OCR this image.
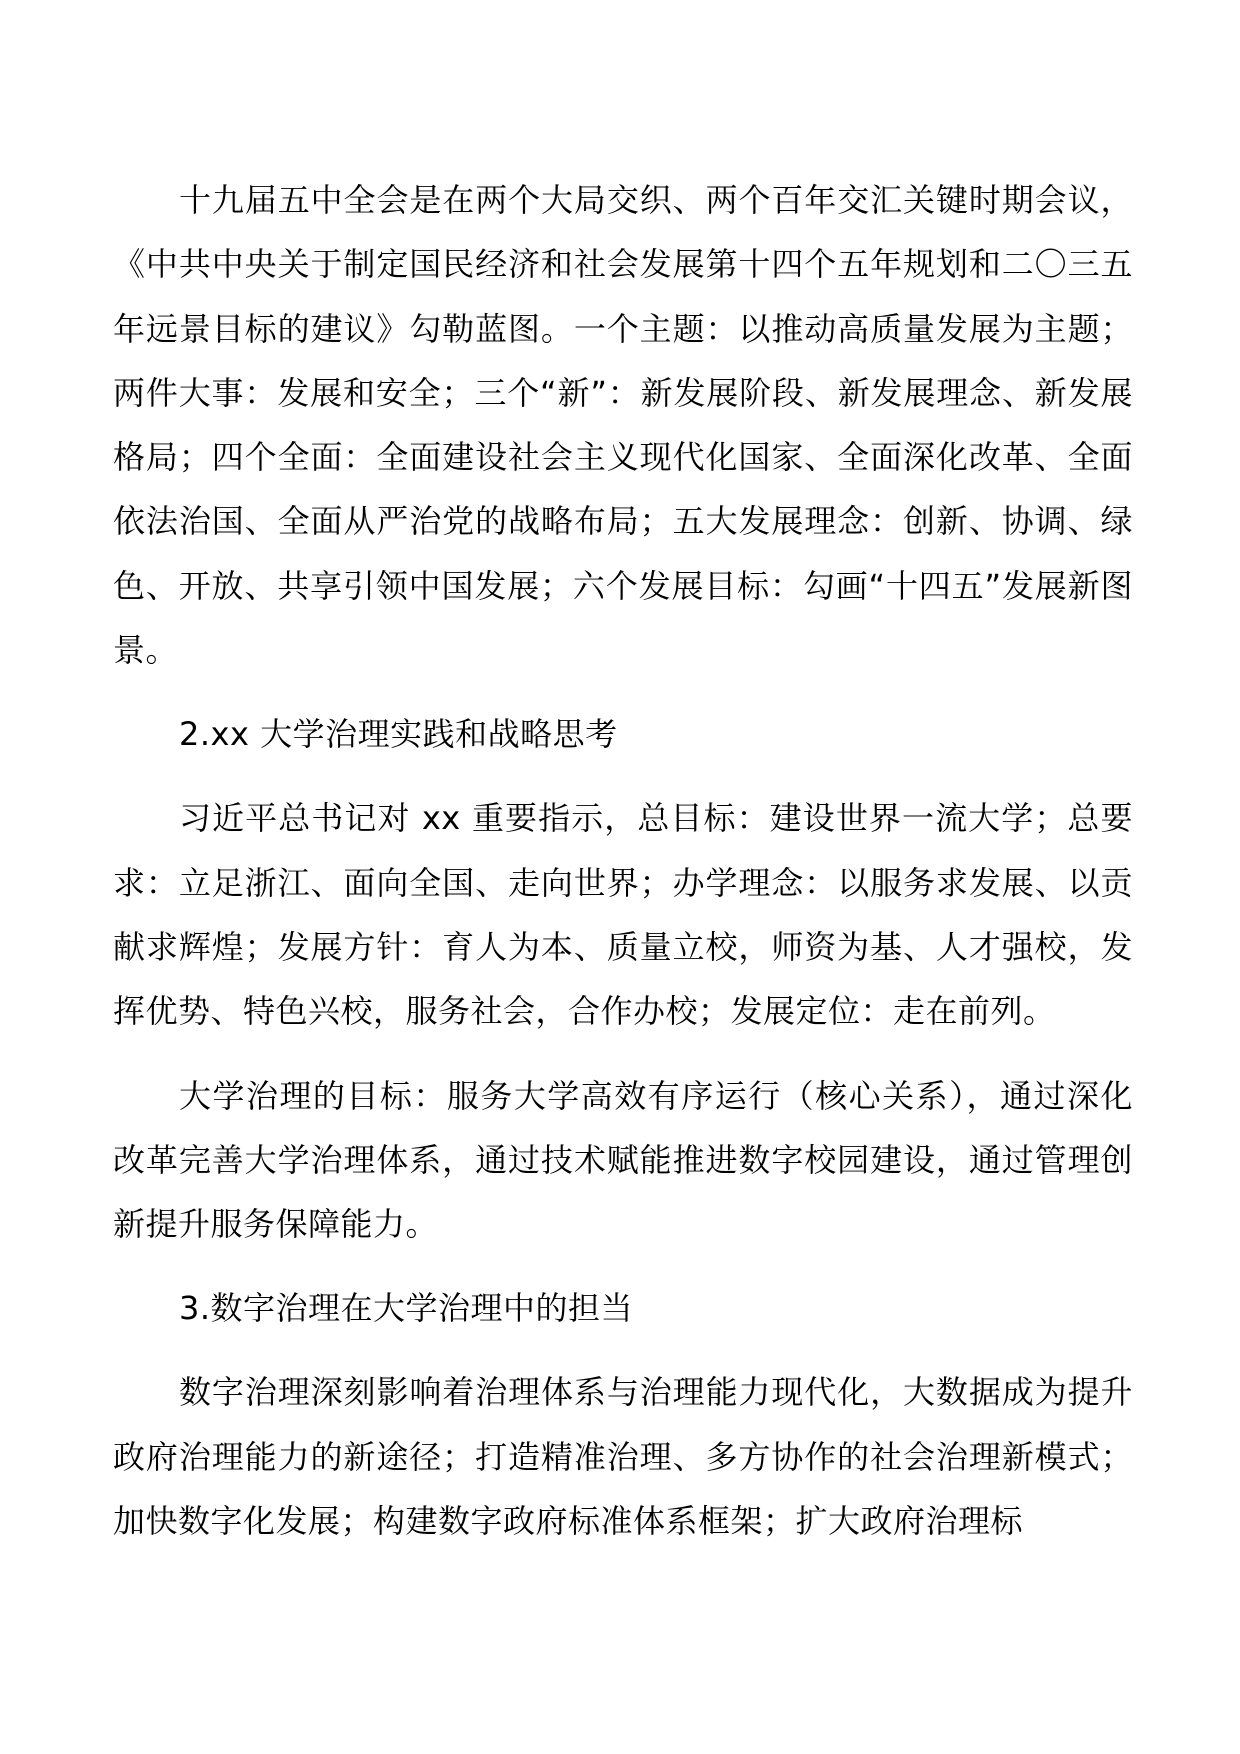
十九届五中全会是在两个大局交织、两个百年交汇关键时期会议，《中共中央关于制定国民经济和社会发展第十四个五年规划和二〇三五年远景目标的建议》勾勒蓝图。一个主题：以推动高质量发展为主题；两件大事：发展和安全；三个“新”：新发展阶段、新发展理念、新发展格局；四个全面：全面建设社会主义现代化国家、全面深化改革、全面依法治国、全面从严治党的战略布局；五大发展理念：创新、协调、绿色、开放、共享引领中国发展；六个发展目标：勾画“十四五”发展新图景。

2.xx 大学治理实践和战略思考

习近平总书记对 xx 重要指示，总目标：建设世界一流大学；总要求：立足浙江、面向全国、走向世界；办学理念：以服务求发展、以贡献求辉煌；发展方针：育人为本、质量立校，师资为基、人才强校，发挥优势、特色兴校，服务社会，合作办校；发展定位：走在前列。

大学治理的目标：服务大学高效有序运行（核心关系），通过深化改革完善大学治理体系，通过技术赋能推进数字校园建设，通过管理创新提升服务保障能力。

3.数字治理在大学治理中的担当

数字治理深刻影响着治理体系与治理能力现代化，大数据成为提升政府治理能力的新途径；打造精准治理、多方协作的社会治理新模式；加快数字化发展；构建数字政府标准体系框架；扩大政府治理标
